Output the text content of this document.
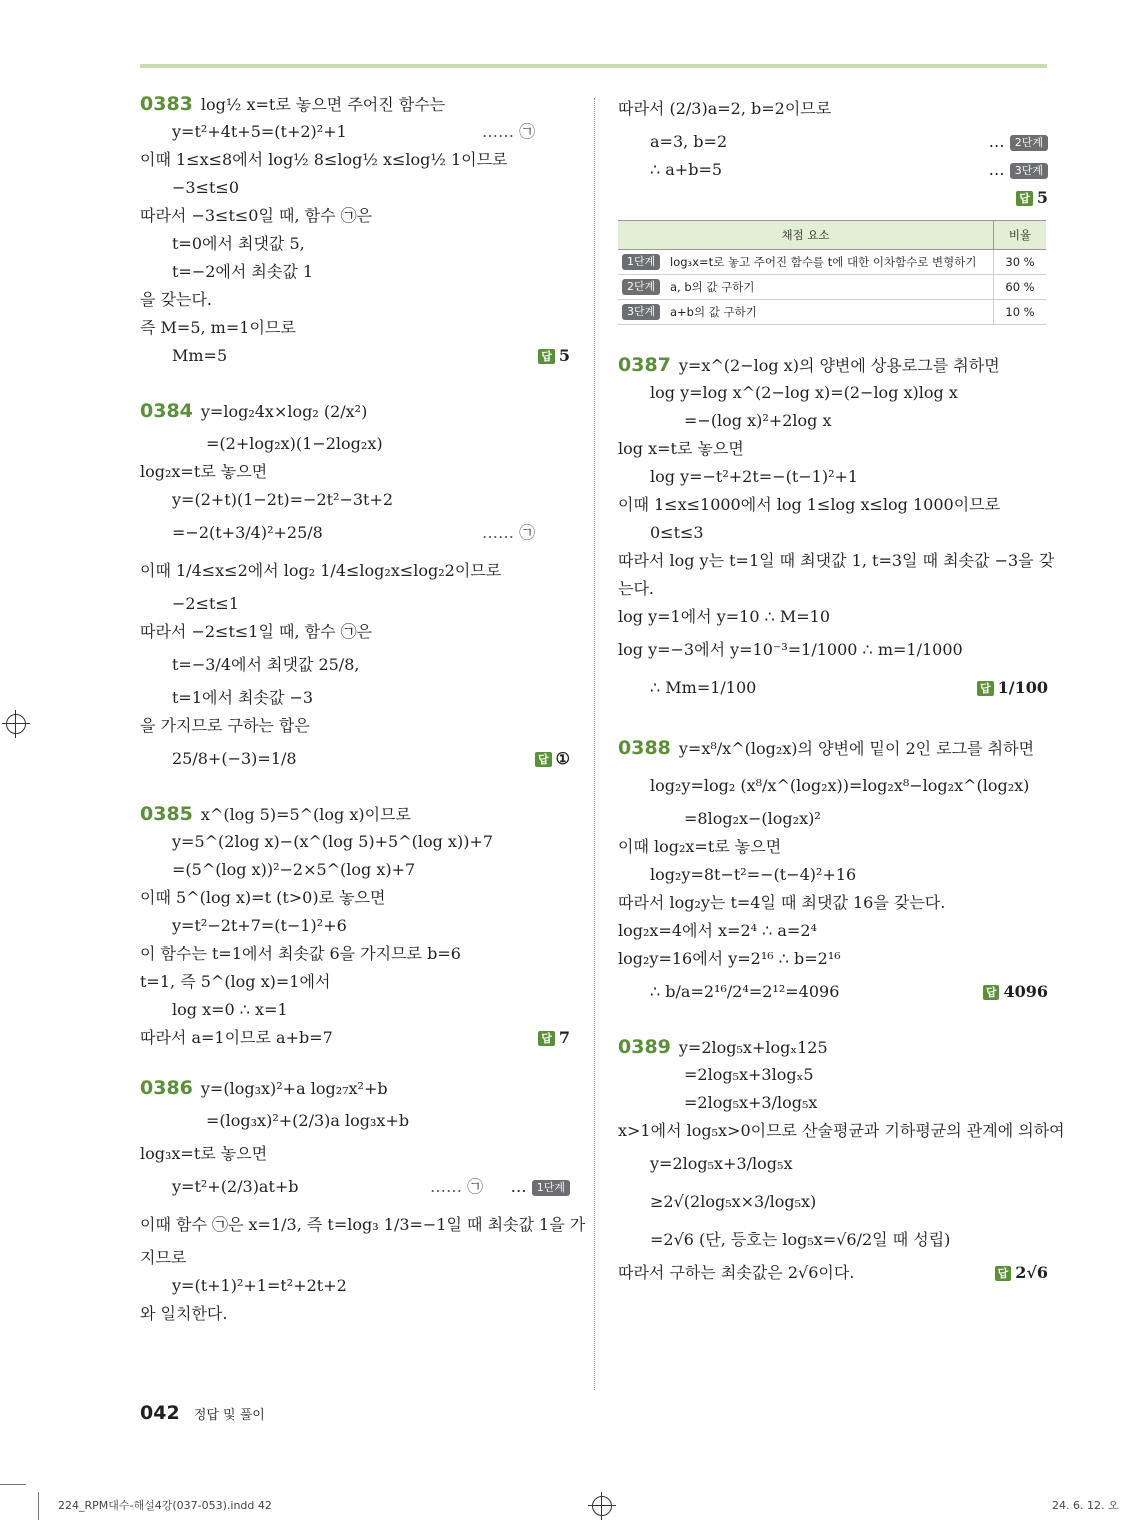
0383 log½ x=t로 놓으면 주어진 함수는
y=t²+4t+5=(t+2)²+1	…… ㉠
이때 1≤x≤8에서 log½ 8≤log½ x≤log½ 1이므로
−3≤t≤0
따라서 −3≤t≤0일 때, 함수 ㉠은
t=0에서 최댓값 5,
t=−2에서 최솟값 1
을 갖는다.
즉 M=5, m=1이므로
Mm=5	답 5
0384 y=log₂4x×log₂ (2/x²)
=(2+log₂x)(1−2log₂x)
log₂x=t로 놓으면
y=(2+t)(1−2t)=−2t²−3t+2
=−2(t+3/4)²+25/8	…… ㉠
이때 1/4≤x≤2에서 log₂ 1/4≤log₂x≤log₂2이므로
−2≤t≤1
따라서 −2≤t≤1일 때, 함수 ㉠은
t=−3/4에서 최댓값 25/8,
t=1에서 최솟값 −3
을 가지므로 구하는 합은
25/8+(−3)=1/8	답 ①
0385 x^(log 5)=5^(log x)이므로
y=5^(2log x)−(x^(log 5)+5^(log x))+7
=(5^(log x))²−2×5^(log x)+7
이때 5^(log x)=t (t>0)로 놓으면
y=t²−2t+7=(t−1)²+6
이 함수는 t=1에서 최솟값 6을 가지므로 b=6
t=1, 즉 5^(log x)=1에서
log x=0 ∴ x=1
따라서 a=1이므로 a+b=7	답 7
0386 y=(log₃x)²+a log₂₇x²+b
=(log₃x)²+(2/3)a log₃x+b
log₃x=t로 놓으면
y=t²+(2/3)at+b	…… ㉠ … 1단계
이때 함수 ㉠은 x=1/3, 즉 t=log₃ 1/3=−1일 때 최솟값 1을 가
지므로
y=(t+1)²+1=t²+2t+2
와 일치한다.
따라서 (2/3)a=2, b=2이므로
a=3, b=2	… 2단계
∴ a+b=5	… 3단계
답 5
채점 요소		비율
1단계	log₃x=t로 놓고 주어진 함수를 t에 대한 이차함수로 변형하기	30 %
2단계	a, b의 값 구하기	60 %
3단계	a+b의 값 구하기	10 %
0387 y=x^(2−log x)의 양변에 상용로그를 취하면
log y=log x^(2−log x)=(2−log x)log x
=−(log x)²+2log x
log x=t로 놓으면
log y=−t²+2t=−(t−1)²+1
이때 1≤x≤1000에서 log 1≤log x≤log 1000이므로
0≤t≤3
따라서 log y는 t=1일 때 최댓값 1, t=3일 때 최솟값 −3을 갖
는다.
log y=1에서 y=10 ∴ M=10
log y=−3에서 y=10⁻³=1/1000 ∴ m=1/1000
∴ Mm=1/100	답 1/100
0388 y=x⁸/x^(log₂x)의 양변에 밑이 2인 로그를 취하면
log₂y=log₂ (x⁸/x^(log₂x))=log₂x⁸−log₂x^(log₂x)
=8log₂x−(log₂x)²
이때 log₂x=t로 놓으면
log₂y=8t−t²=−(t−4)²+16
따라서 log₂y는 t=4일 때 최댓값 16을 갖는다.
log₂x=4에서 x=2⁴ ∴ a=2⁴
log₂y=16에서 y=2¹⁶ ∴ b=2¹⁶
∴ b/a=2¹⁶/2⁴=2¹²=4096	답 4096
0389 y=2log₅x+logₓ125
=2log₅x+3logₓ5
=2log₅x+3/log₅x
x>1에서 log₅x>0이므로 산술평균과 기하평균의 관계에 의하여
y=2log₅x+3/log₅x
≥2√(2log₅x×3/log₅x)
=2√6 (단, 등호는 log₅x=√6/2일 때 성립)
따라서 구하는 최솟값은 2√6이다.	답 2√6
042 정답 및 풀이
224_RPM대수-해설4강(037-053).indd 42	24. 6. 12. 오
